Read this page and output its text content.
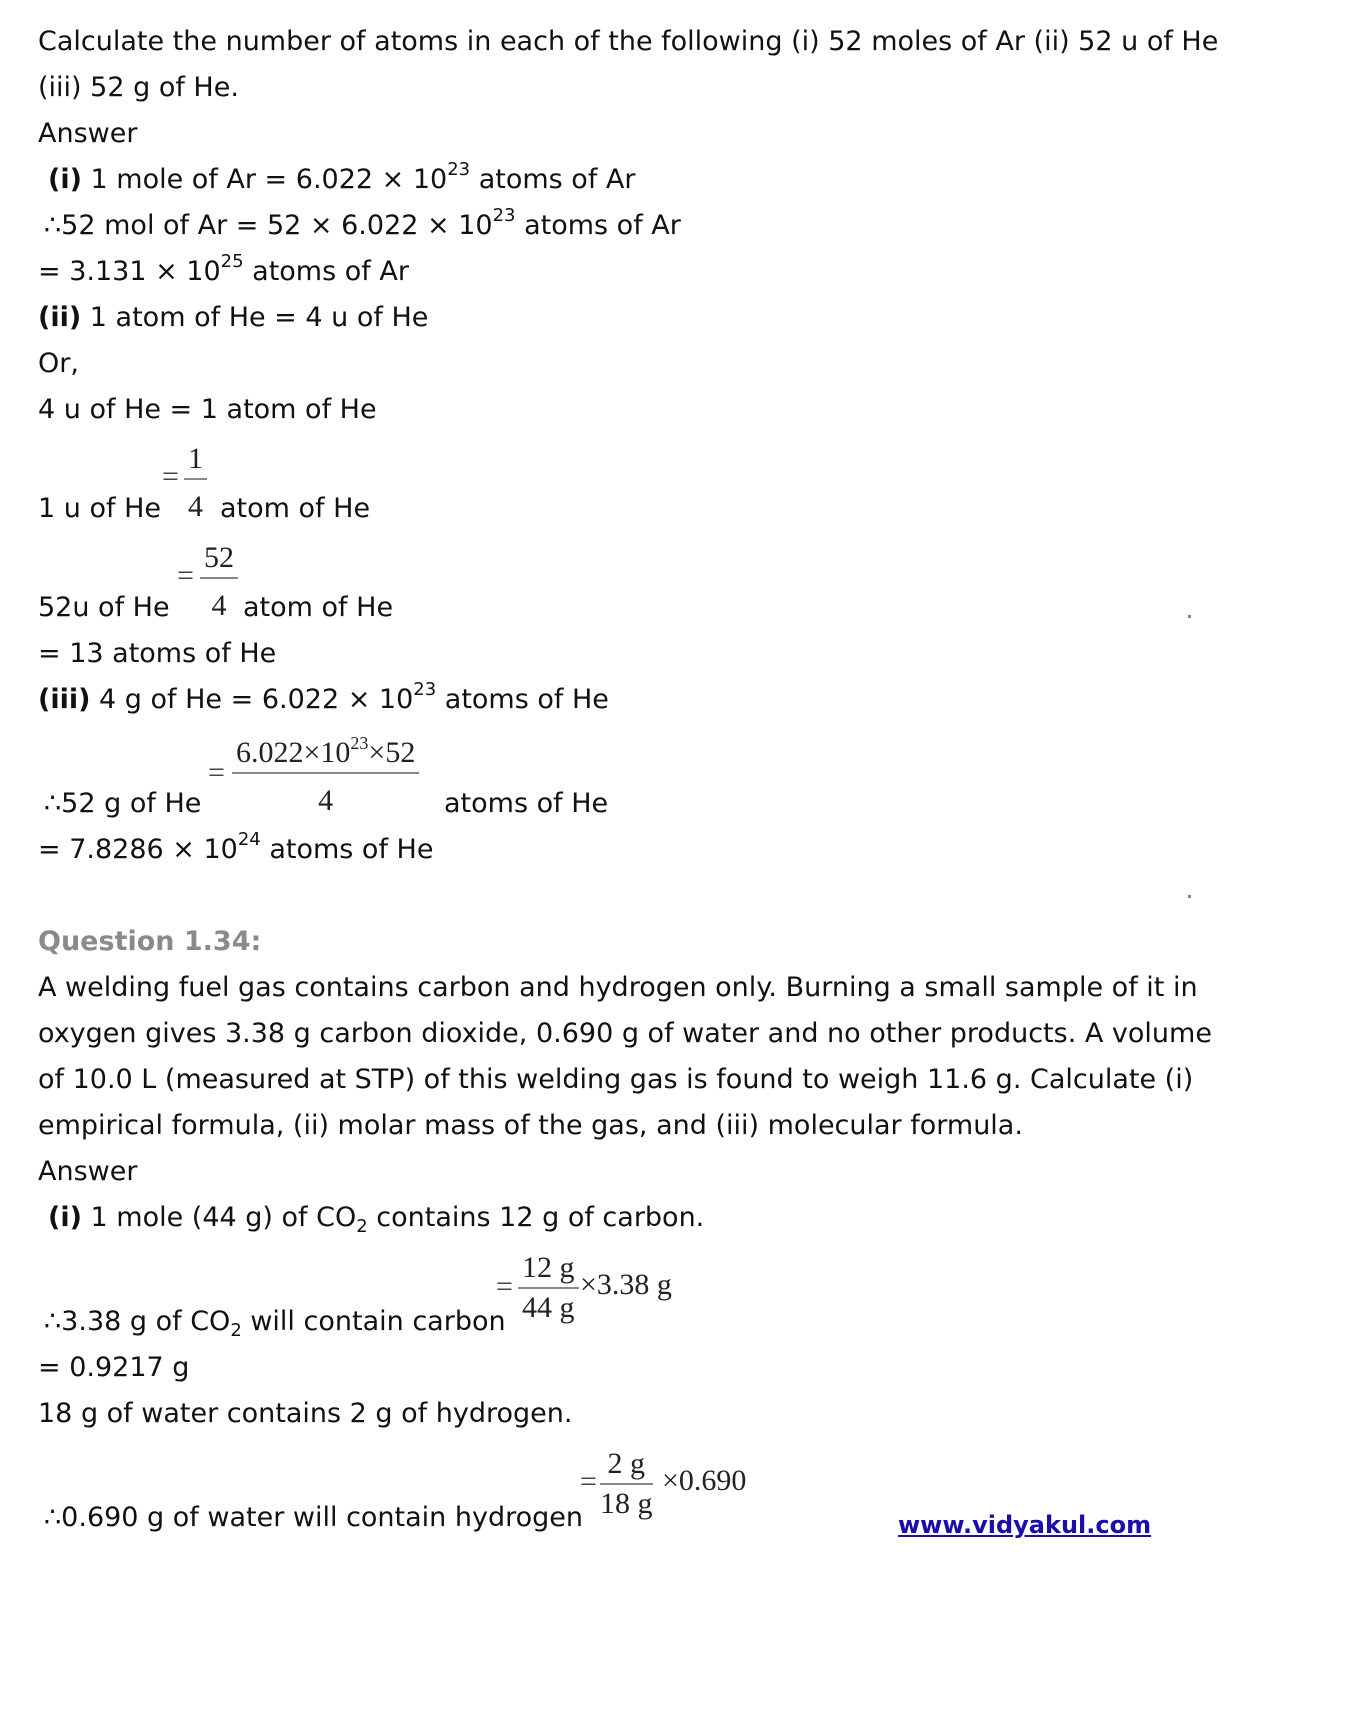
Calculate the number of atoms in each of the following (i) 52 moles of Ar (ii) 52 u of He
(iii) 52 g of He.
Answer
(i) 1 mole of $Ar = 6.022 \times 10^{23}$ atoms of Ar
∴52 mol of $Ar = 52 \times 6.022 \times 10^{23}$ atoms of Ar
= $3.131 \times 10^{25}$ atoms of Ar
(ii) 1 atom of He = 4 u of He
Or,
4 u of He = 1 atom of He
1 u of He
=
1
4 atom of He
52u of He
=
52
4 atom of He
= 13 atoms of He
(iii) 4 g of $He = 6.022 \times 10^{23}$ atoms of He
=
$6.022\times 10^{23}\times 52$
4
∴52 g of He	atoms of He
= $7.8286 \times 10^{24}$ atoms of He
Question 1.34:
A welding fuel gas contains carbon and hydrogen only. Burning a small sample of it in
oxygen gives 3.38 g carbon dioxide, 0.690 g of water and no other products. A volume
of 10.0 L (measured at STP) of this welding gas is found to weigh 11.6 g. Calculate (i)
empirical formula, (ii) molar mass of the gas, and (iii) molecular formula.
Answer
(i) 1 mole (44 g) of $CO_2$ contains 12 g of carbon.
=
12 g
44 g
×3.38 g
∴3.38 g of $CO_2$ will contain carbon
= 0.9217 g
18 g of water contains 2 g of hydrogen.
=
2 g
18 g
×0.690
∴0.690 g of water will contain hydrogen	www.vidyakul.com
